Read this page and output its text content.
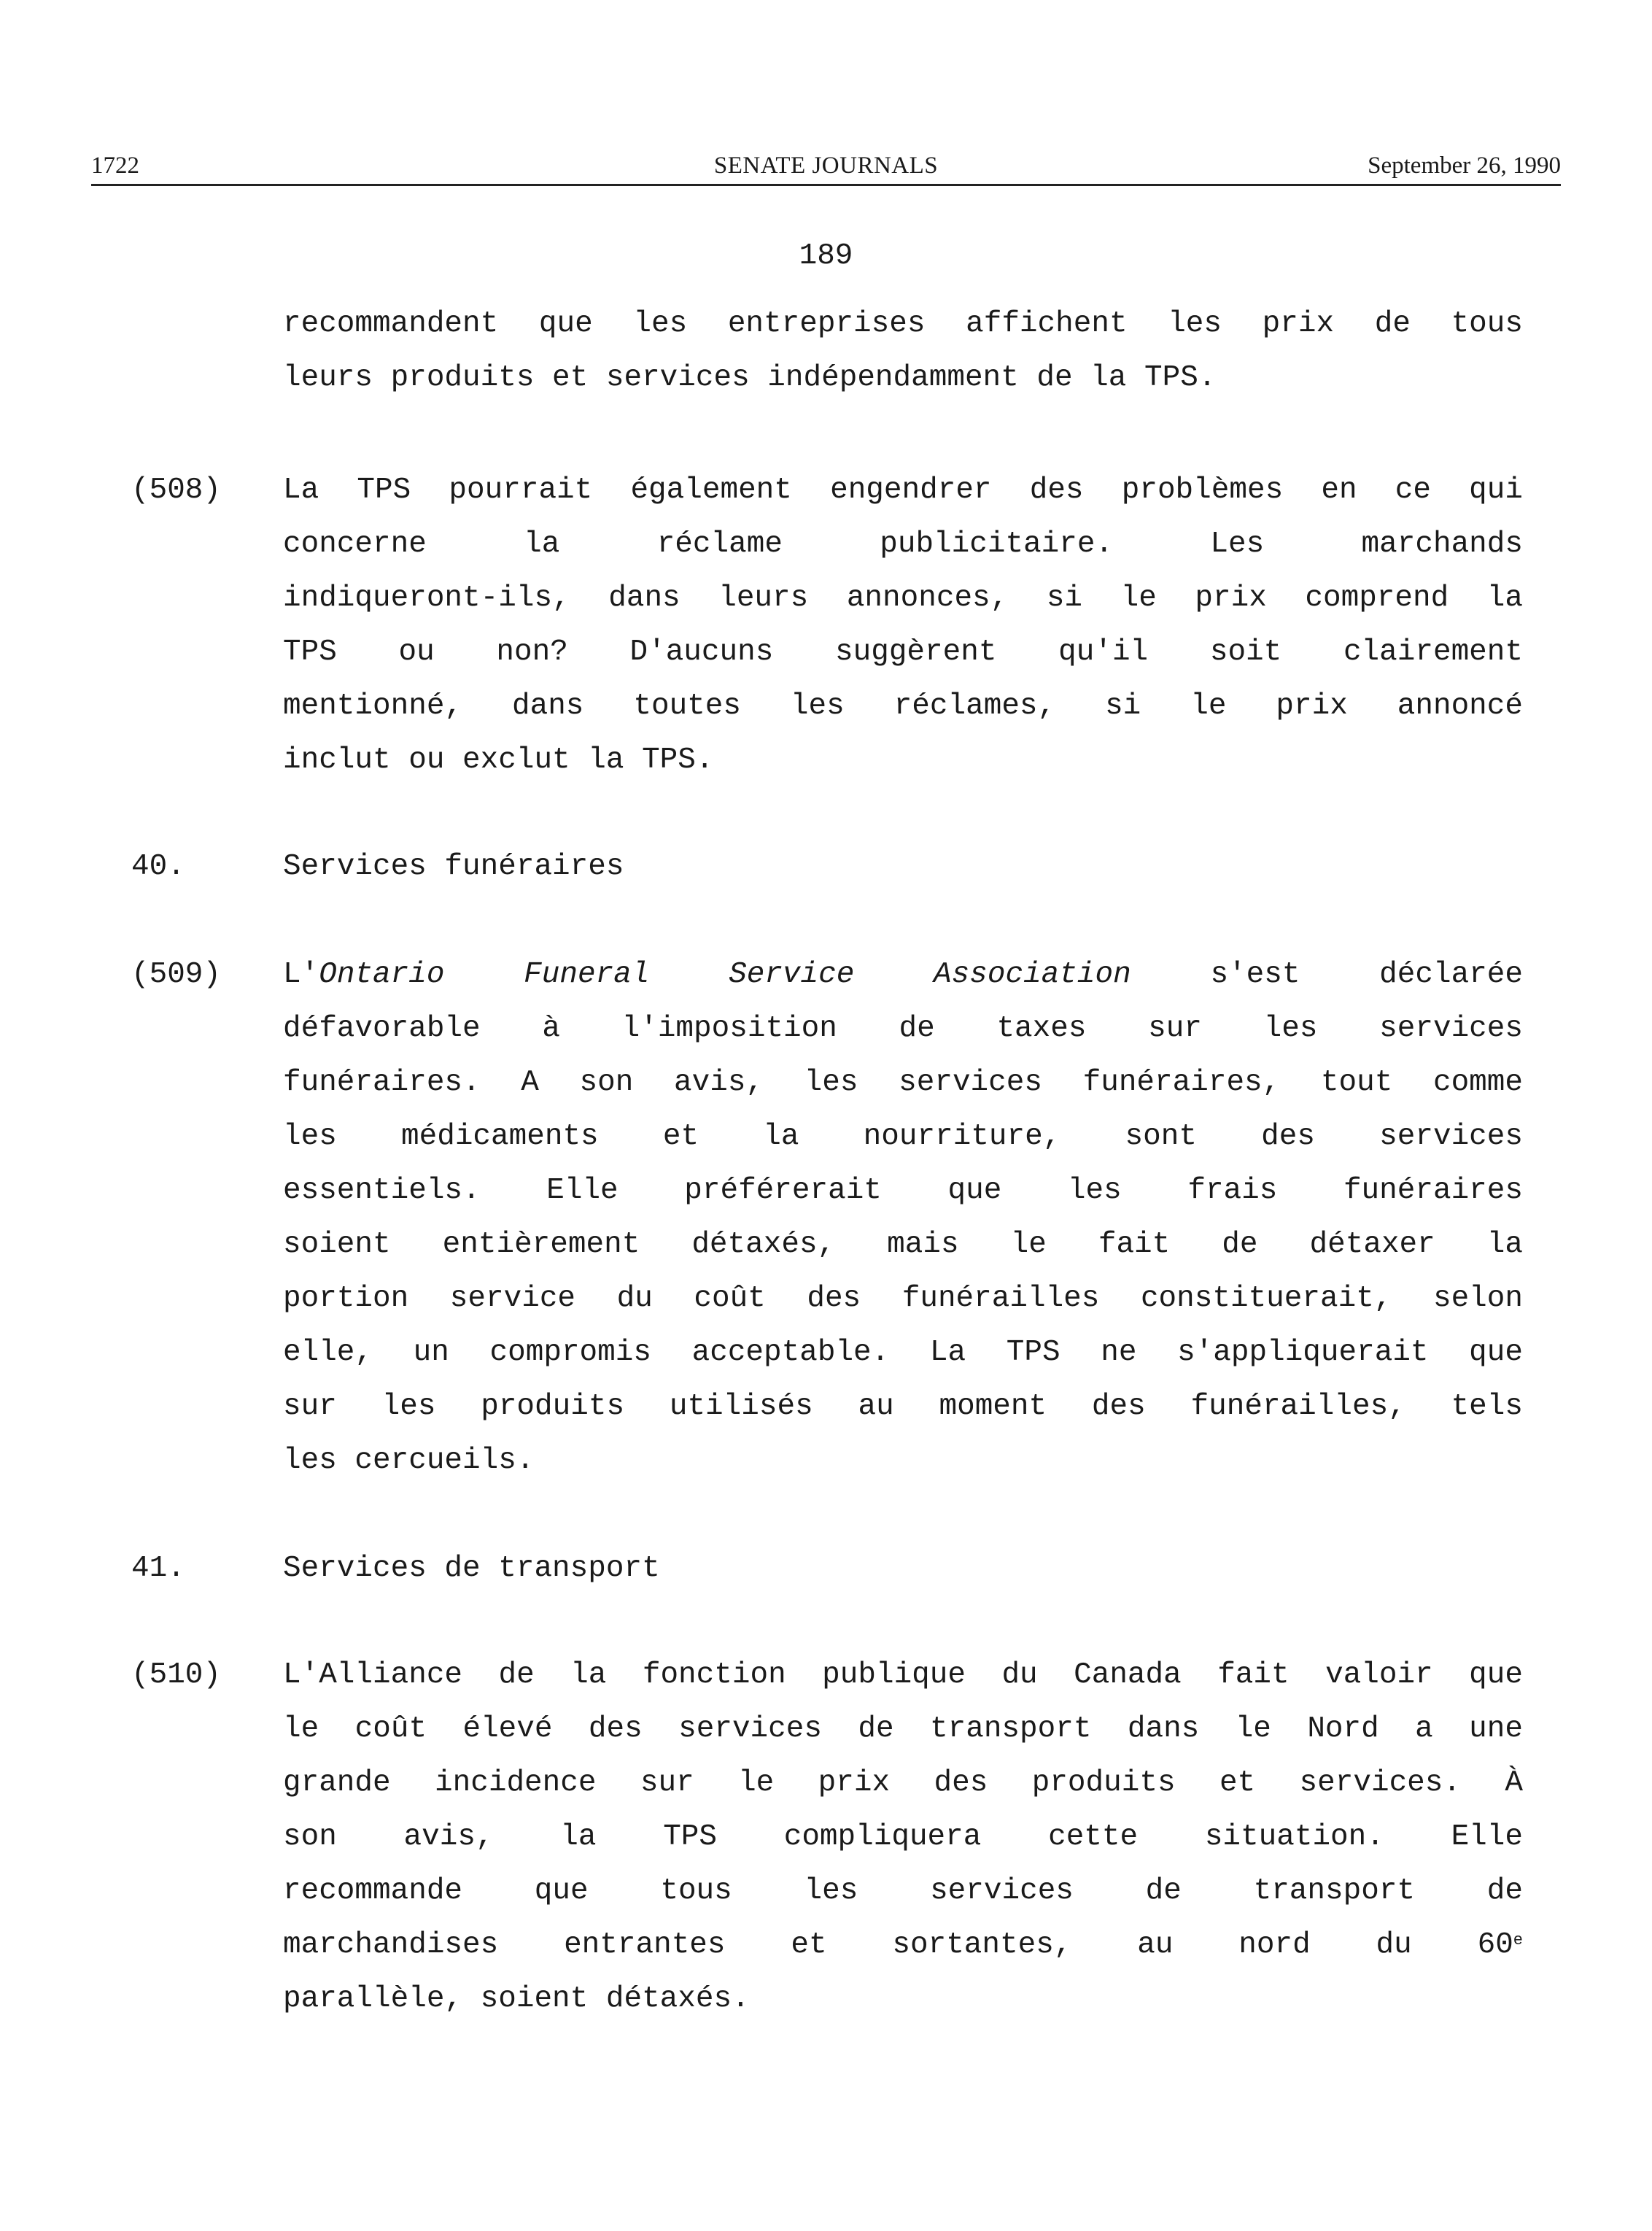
1722	SENATE JOURNALS	September 26, 1990
189
recommandent que les entreprises affichent les prix de tous
leurs produits et services indépendamment de la TPS.
(508) La TPS pourrait également engendrer des problèmes en ce qui
concerne la réclame publicitaire. Les marchands
indiqueront-ils, dans leurs annonces, si le prix comprend la
TPS ou non? D'aucuns suggèrent qu'il soit clairement
mentionné, dans toutes les réclames, si le prix annoncé
inclut ou exclut la TPS.
40.	Services funéraires
(509) L'Ontario Funeral Service Association s'est déclarée
défavorable à l'imposition de taxes sur les services
funéraires. A son avis, les services funéraires, tout comme
les médicaments et la nourriture, sont des services
essentiels. Elle préférerait que les frais funéraires
soient entièrement détaxés, mais le fait de détaxer la
portion service du coût des funérailles constituerait, selon
elle, un compromis acceptable. La TPS ne s'appliquerait que
sur les produits utilisés au moment des funérailles, tels
les cercueils.
41.	Services de transport
(510) L'Alliance de la fonction publique du Canada fait valoir que
le coût élevé des services de transport dans le Nord a une
grande incidence sur le prix des produits et services. À
son avis, la TPS compliquera cette situation. Elle
recommande que tous les services de transport de
marchandises entrantes et sortantes, au nord du 60e
parallèle, soient détaxés.
